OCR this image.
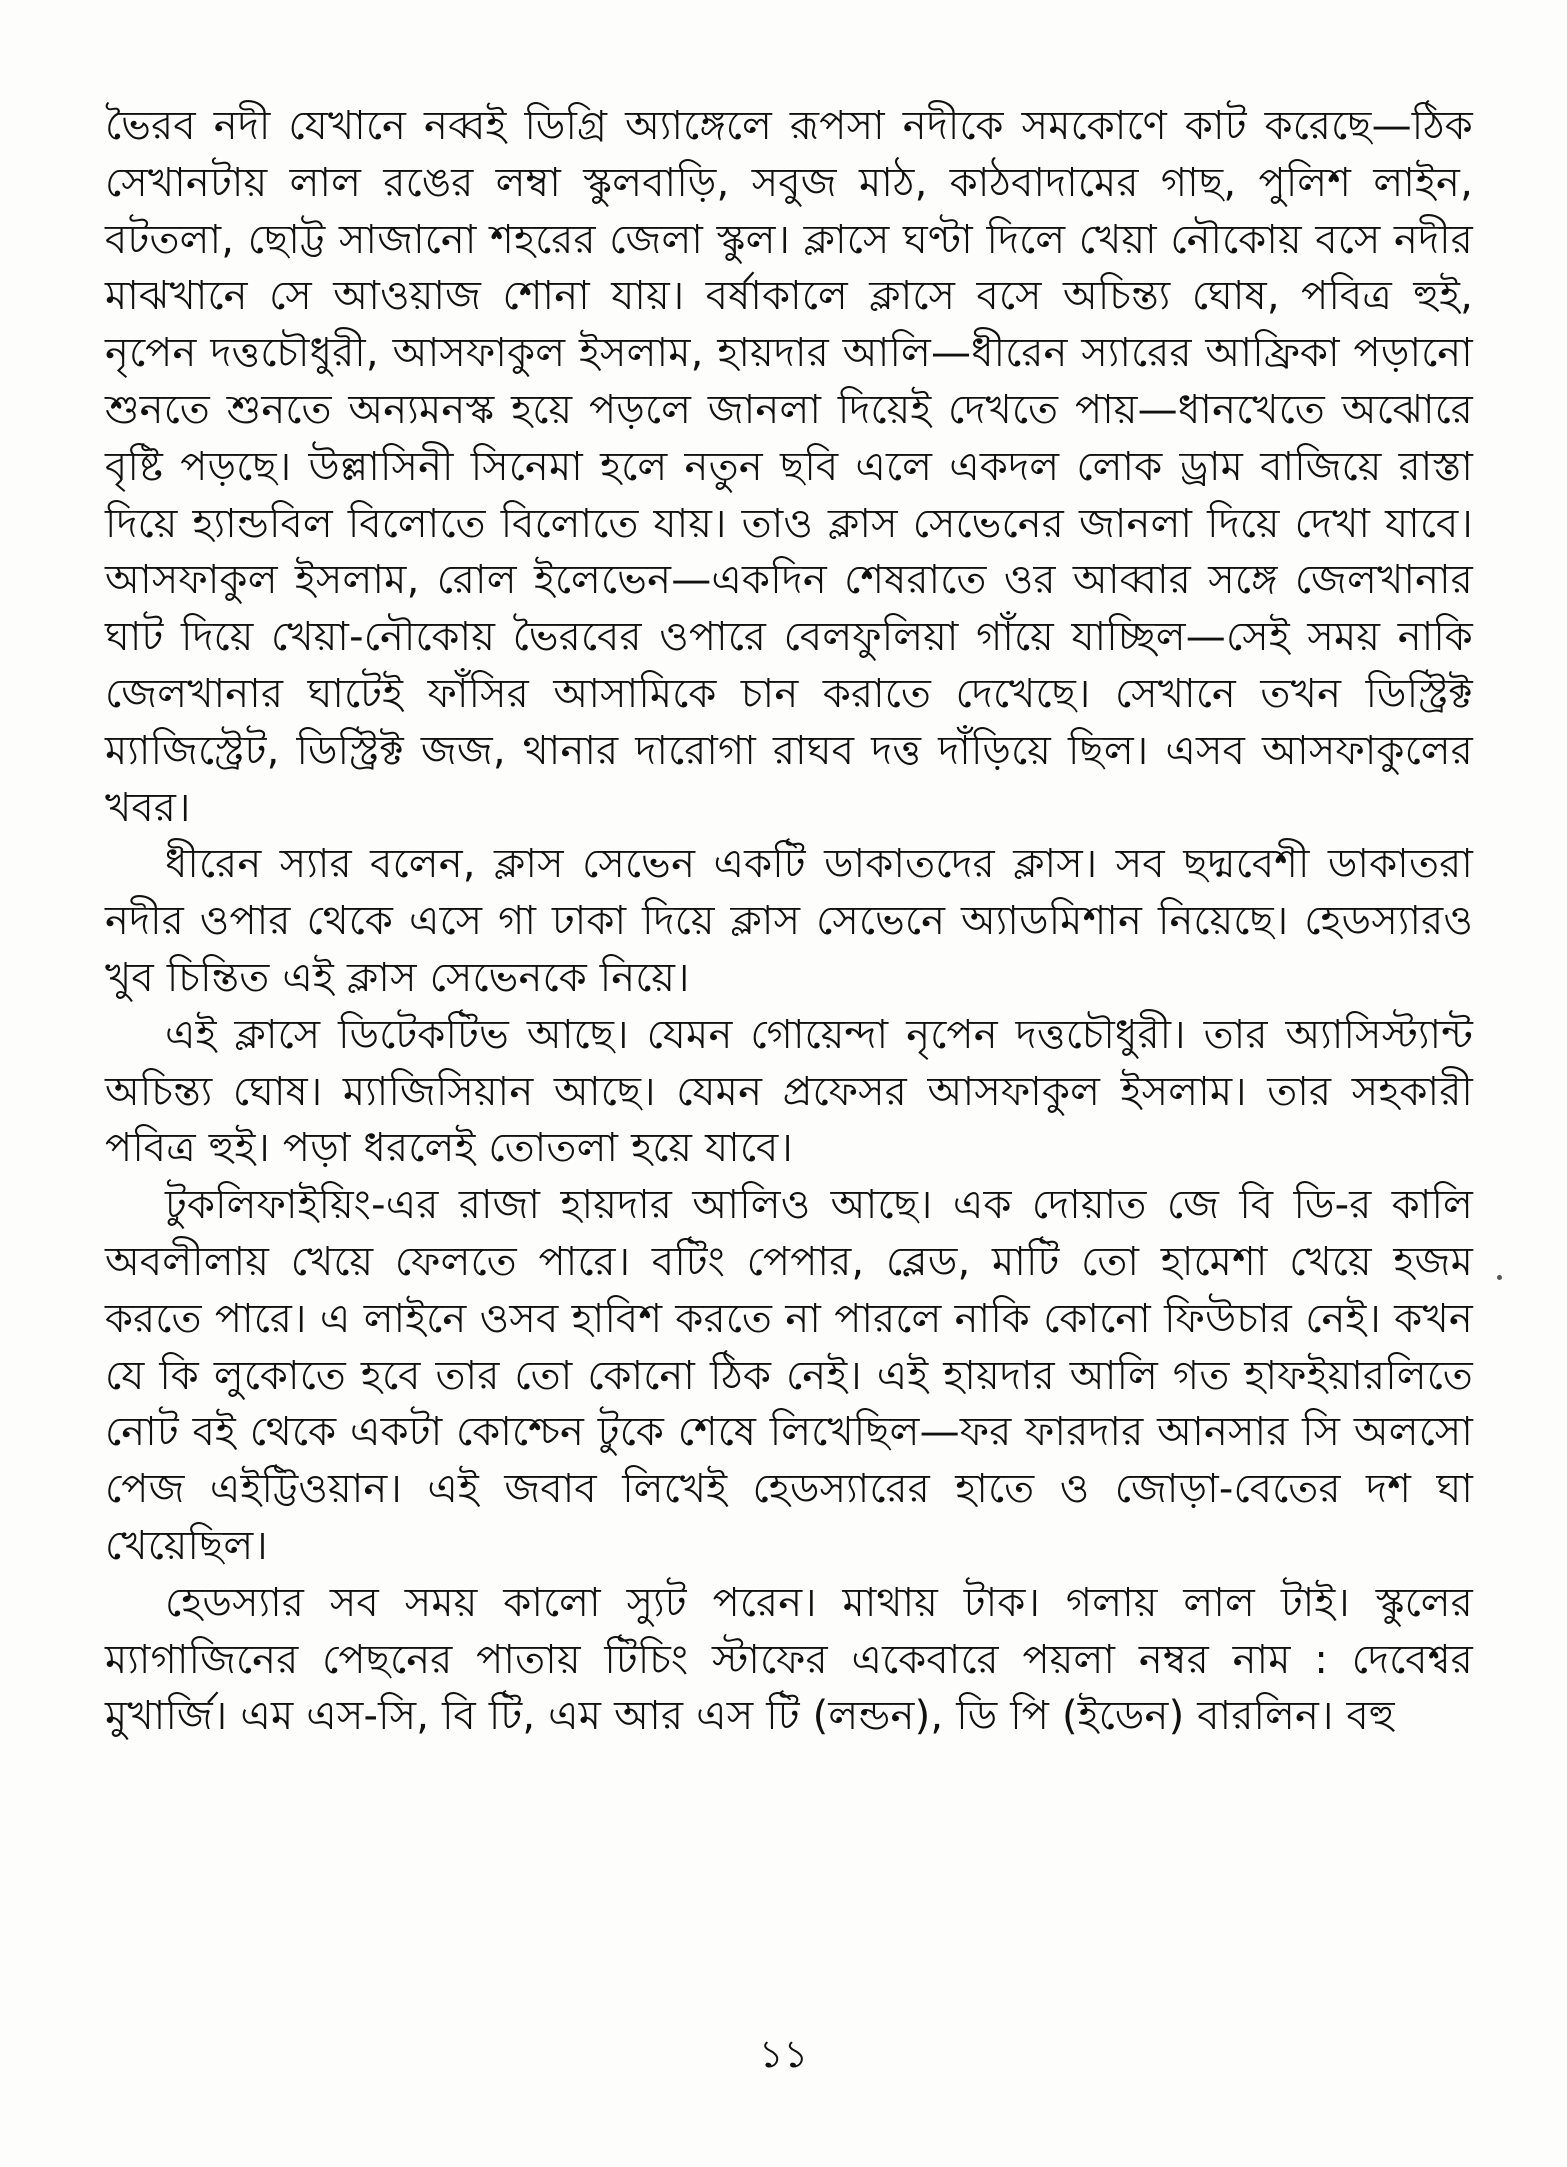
ভৈরব নদী যেখানে নব্বই ডিগ্রি অ্যাঙ্গেলে রূপসা নদীকে সমকোণে কাট করেছে—ঠিক সেখানটায় লাল রঙের লম্বা স্কুলবাড়ি, সবুজ মাঠ, কাঠবাদামের গাছ, পুলিশ লাইন, বটতলা, ছোট্ট সাজানো শহরের জেলা স্কুল। ক্লাসে ঘণ্টা দিলে খেয়া নৌকোয় বসে নদীর মাঝখানে সে আওয়াজ শোনা যায়। বর্ষাকালে ক্লাসে বসে অচিন্ত্য ঘোষ, পবিত্র হুই, নৃপেন দত্তচৌধুরী, আসফাকুল ইসলাম, হায়দার আলি—ধীরেন স্যারের আফ্রিকা পড়ানো শুনতে শুনতে অন্যমনস্ক হয়ে পড়লে জানলা দিয়েই দেখতে পায়—ধানখেতে অঝোরে বৃষ্টি পড়ছে। উল্লাসিনী সিনেমা হলে নতুন ছবি এলে একদল লোক ড্রাম বাজিয়ে রাস্তা দিয়ে হ্যান্ডবিল বিলোতে বিলোতে যায়। তাও ক্লাস সেভেনের জানলা দিয়ে দেখা যাবে। আসফাকুল ইসলাম, রোল ইলেভেন—একদিন শেষরাতে ওর আব্বার সঙ্গে জেলখানার ঘাট দিয়ে খেয়া-নৌকোয় ভৈরবের ওপারে বেলফুলিয়া গাঁয়ে যাচ্ছিল—সেই সময় নাকি জেলখানার ঘাটেই ফাঁসির আসামিকে চান করাতে দেখেছে। সেখানে তখন ডিস্ট্রিক্ট ম্যাজিস্ট্রেট, ডিস্ট্রিক্ট জজ, থানার দারোগা রাঘব দত্ত দাঁড়িয়ে ছিল। এসব আসফাকুলের খবর।

ধীরেন স্যার বলেন, ক্লাস সেভেন একটি ডাকাতদের ক্লাস। সব ছদ্মবেশী ডাকাতরা নদীর ওপার থেকে এসে গা ঢাকা দিয়ে ক্লাস সেভেনে অ্যাডমিশান নিয়েছে। হেডস্যারও খুব চিন্তিত এই ক্লাস সেভেনকে নিয়ে।

এই ক্লাসে ডিটেকটিভ আছে। যেমন গোয়েন্দা নৃপেন দত্তচৌধুরী। তার অ্যাসিস্ট্যান্ট অচিন্ত্য ঘোষ। ম্যাজিসিয়ান আছে। যেমন প্রফেসর আসফাকুল ইসলাম। তার সহকারী পবিত্র হুই। পড়া ধরলেই তোতলা হয়ে যাবে।

টুকলিফাইয়িং-এর রাজা হায়দার আলিও আছে। এক দোয়াত জে বি ডি-র কালি অবলীলায় খেয়ে ফেলতে পারে। বটিং পেপার, ব্লেড, মাটি তো হামেশা খেয়ে হজম করতে পারে। এ লাইনে ওসব হাবিশ করতে না পারলে নাকি কোনো ফিউচার নেই। কখন যে কি লুকোতে হবে তার তো কোনো ঠিক নেই। এই হায়দার আলি গত হাফইয়ারলিতে নোট বই থেকে একটা কোশ্চেন টুকে শেষে লিখেছিল—ফর ফারদার আনসার সি অলসো পেজ এইট্টিওয়ান। এই জবাব লিখেই হেডস্যারের হাতে ও জোড়া-বেতের দশ ঘা খেয়েছিল।

হেডস্যার সব সময় কালো স্যুট পরেন। মাথায় টাক। গলায় লাল টাই। স্কুলের ম্যাগাজিনের পেছনের পাতায় টিচিং স্টাফের একেবারে পয়লা নম্বর নাম : দেবেশ্বর মুখার্জি। এম এস-সি, বি টি, এম আর এস টি (লন্ডন), ডি পি (ইডেন) বারলিন। বহু

১১
